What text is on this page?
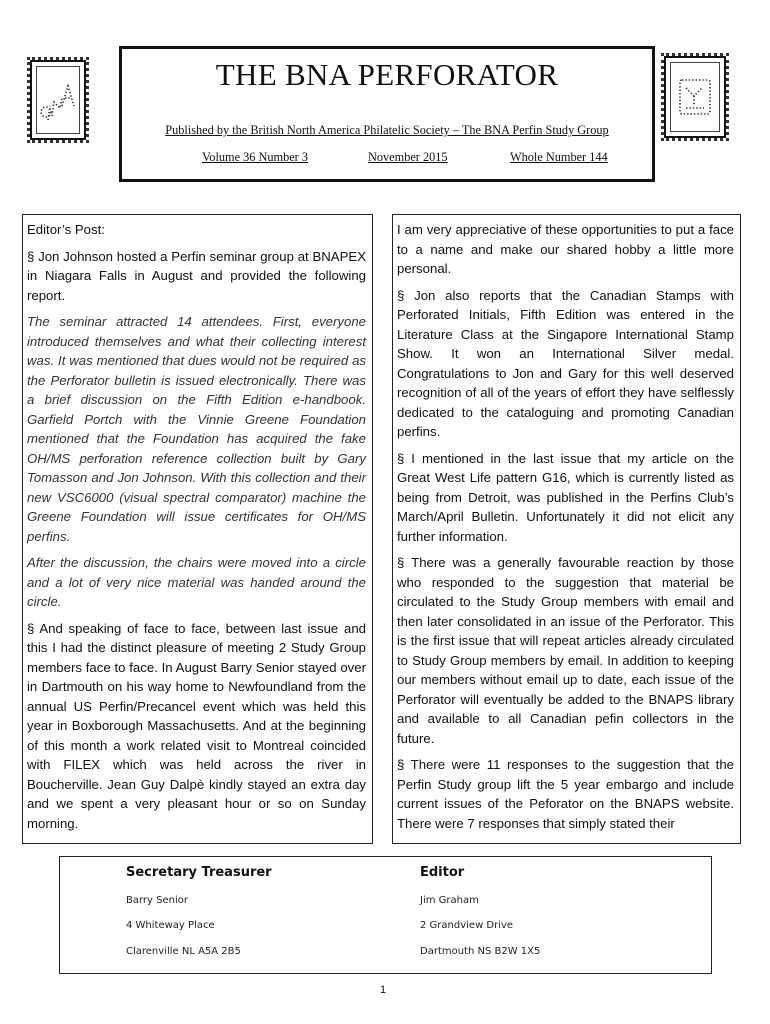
THE BNA PERFORATOR
Published by the British North America Philatelic Society – The BNA Perfin Study Group
Volume 36 Number 3	November 2015	Whole Number 144

Editor’s Post:

§ Jon Johnson hosted a Perfin seminar group at BNAPEX in Niagara Falls in August and provided the following report.

The seminar attracted 14 attendees. First, everyone introduced themselves and what their collecting interest was. It was mentioned that dues would not be required as the Perforator bulletin is issued electronically. There was a brief discussion on the Fifth Edition e-handbook. Garfield Portch with the Vinnie Greene Foundation mentioned that the Foundation has acquired the fake OH/MS perforation reference collection built by Gary Tomasson and Jon Johnson. With this collection and their new VSC6000 (visual spectral comparator) machine the Greene Foundation will issue certificates for OH/MS perfins.

After the discussion, the chairs were moved into a circle and a lot of very nice material was handed around the circle.

§ And speaking of face to face, between last issue and this I had the distinct pleasure of meeting 2 Study Group members face to face. In August Barry Senior stayed over in Dartmouth on his way home to Newfoundland from the annual US Perfin/Precancel event which was held this year in Boxborough Massachusetts. And at the beginning of this month a work related visit to Montreal coincided with FILEX which was held across the river in Boucherville. Jean Guy Dalpè kindly stayed an extra day and we spent a very pleasant hour or so on Sunday morning.

I am very appreciative of these opportunities to put a face to a name and make our shared hobby a little more personal.

§ Jon also reports that the Canadian Stamps with Perforated Initials, Fifth Edition was entered in the Literature Class at the Singapore International Stamp Show. It won an International Silver medal. Congratulations to Jon and Gary for this well deserved recognition of all of the years of effort they have selflessly dedicated to the cataloguing and promoting Canadian perfins.

§ I mentioned in the last issue that my article on the Great West Life pattern G16, which is currently listed as being from Detroit, was published in the Perfins Club’s March/April Bulletin. Unfortunately it did not elicit any further information.

§ There was a generally favourable reaction by those who responded to the suggestion that material be circulated to the Study Group members with email and then later consolidated in an issue of the Perforator. This is the first issue that will repeat articles already circulated to Study Group members by email. In addition to keeping our members without email up to date, each issue of the Perforator will eventually be added to the BNAPS library and available to all Canadian pefin collectors in the future.

§ There were 11 responses to the suggestion that the Perfin Study group lift the 5 year embargo and include current issues of the Peforator on the BNAPS website. There were 7 responses that simply stated their

Secretary Treasurer
Barry Senior
4 Whiteway Place
Clarenville NL A5A 2B5
Editor
Jim Graham
2 Grandview Drive
Dartmouth NS B2W 1X5
1
